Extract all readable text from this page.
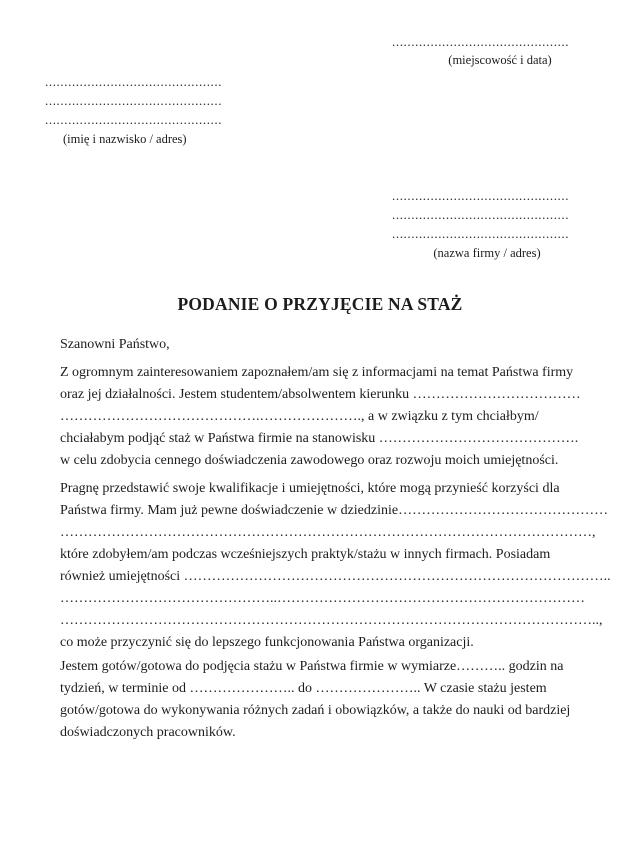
..............................................
(miejscowość i data)
..............................................
..............................................
..............................................
(imię i nazwisko / adres)
..............................................
..............................................
..............................................
(nazwa firmy / adres)
PODANIE O PRZYJĘCIE NA STAŻ
Szanowni Państwo,
Z ogromnym zainteresowaniem zapoznałem/am się z informacjami na temat Państwa firmy
oraz jej działalności. Jestem studentem/absolwentem kierunku ………………………………
…………………………………….…………………., a w związku z tym chciałbym/
chciałabym podjąć staż w Państwa firmie na stanowisku …………………………………….
w celu zdobycia cennego doświadczenia zawodowego oraz rozwoju moich umiejętności.
Pragnę przedstawić swoje kwalifikacje i umiejętności, które mogą przynieść korzyści dla
Państwa firmy. Mam już pewne doświadczenie w dziedzinie………………………………………
……………………………………………………………………………………………………,
które zdobyłem/am podczas wcześniejszych praktyk/stażu w innych firmach. Posiadam
również umiejętności ………………………………………………………………………………..
………………………………………..…………………………………………………………
……………………………………………………………………………………………………..,
co może przyczynić się do lepszego funkcjonowania Państwa organizacji.
Jestem gotów/gotowa do podjęcia stażu w Państwa firmie w wymiarze……….. godzin na
tydzień, w terminie od ………………….. do ………………….. W czasie stażu jestem
gotów/gotowa do wykonywania różnych zadań i obowiązków, a także do nauki od bardziej
doświadczonych pracowników.
